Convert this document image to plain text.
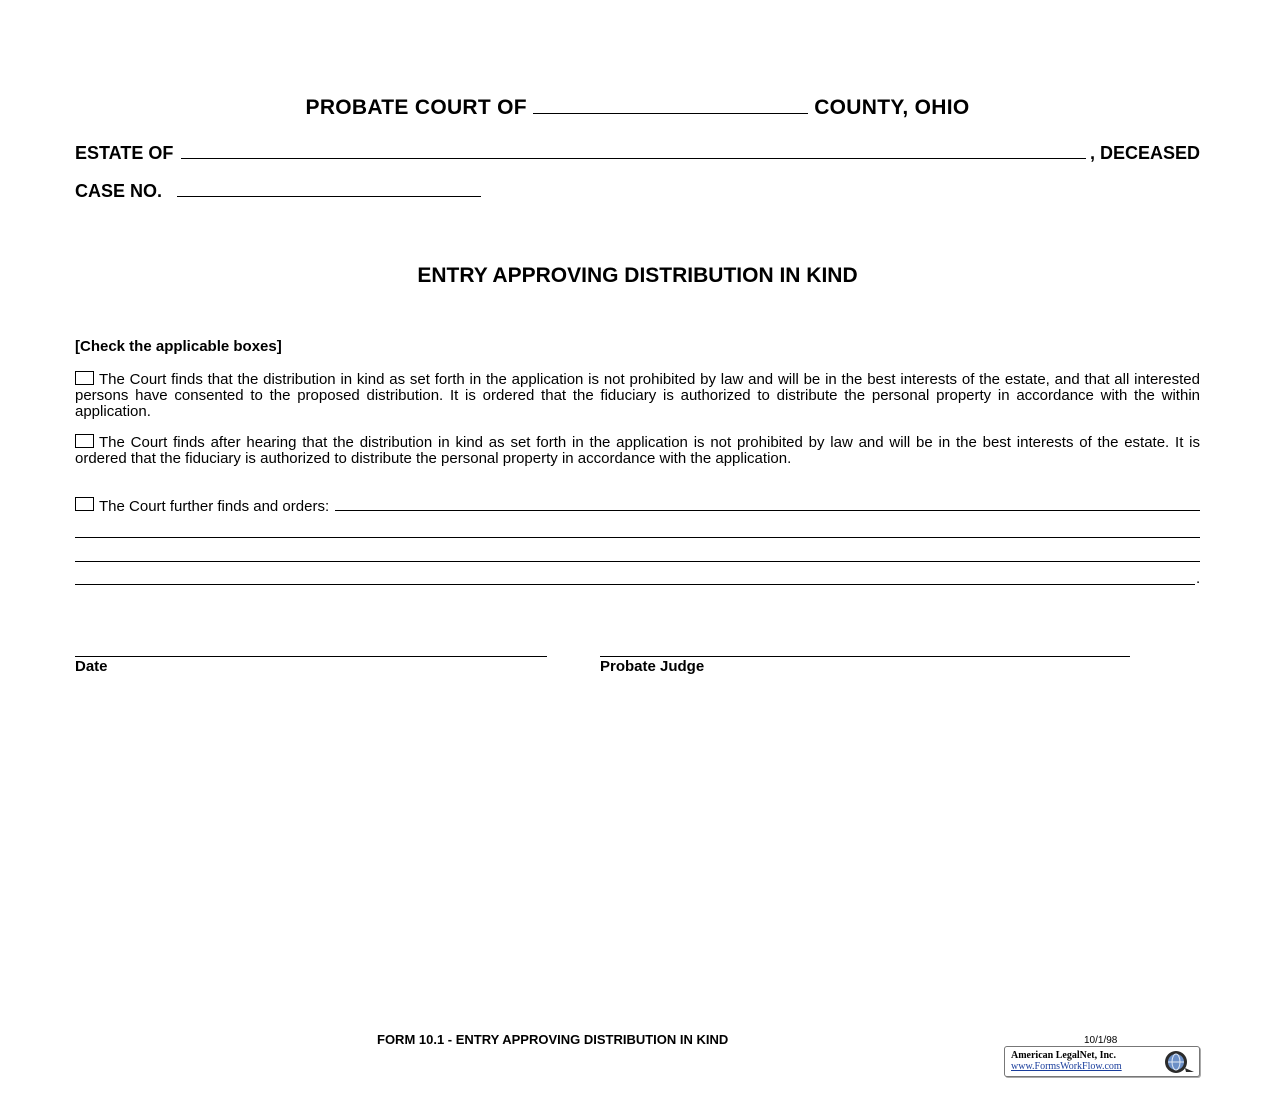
PROBATE COURT OF	COUNTY, OHIO
ESTATE OF	, DECEASED
CASE NO.
ENTRY APPROVING DISTRIBUTION IN KIND
[Check the applicable boxes]
The Court finds that the distribution in kind as set forth in the application is not prohibited by law and will be in the best interests of the estate, and that all interested persons have consented to the proposed distribution. It is ordered that the fiduciary is authorized to distribute the personal property in accordance with the within application.
The Court finds after hearing that the distribution in kind as set forth in the application is not prohibited by law and will be in the best interests of the estate. It is ordered that the fiduciary is authorized to distribute the personal property in accordance with the application.
The Court further finds and orders:
.
Date	Probate Judge
FORM 10.1 - ENTRY APPROVING DISTRIBUTION IN KIND	10/1/98
American LegalNet, Inc.
www.FormsWorkFlow.com
